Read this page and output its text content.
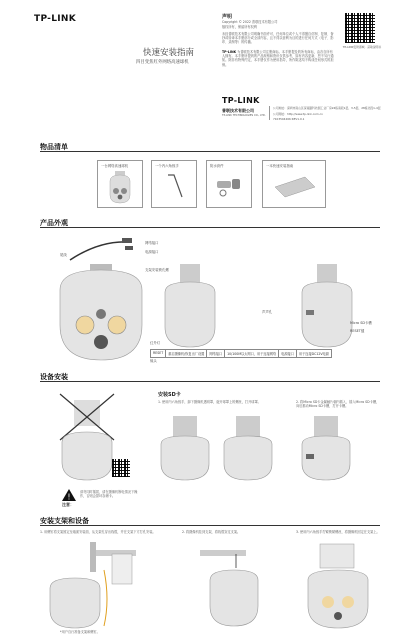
TP-LINK
快速安装指南
四目变焦红外网络高速球机
声明
Copyright © 2022 普联技术有限公司
版权所有，保留所有权利
未经普联技术有限公司明确书面许可，任何单位或个人不得擅自仿制、复制、誊抄或转译本手册部分或全部内容，且不得以营利为目的进行任何方式（电子、影印、录制等）的传播。
TP-LINK 为普联技术有限公司注册商标。本手册提及的所有商标，由各自所有人拥有。本手册所提到的产品规格和资讯仅供参考，如有内容更新，恕不另行通知。除非有特殊约定，本手册仅作为使用指导，所作陈述均不构成任何形式的担保。
TP-LINK安防商城 · 获取说明书
TP-LINK
普联技术有限公司
TP-LINK TECHNOLOGIES CO., LTD.
公司地址：深圳市南山区深南路科技园工业厂房24栋南段1层、3-5层、28栋北段1-4层
公司网址：http://www.tp-link.com.cn
7103504266 REV1.0.1
物品清单
一台网络高速球机	一个内六角扳手	防水套件	一本快速安装指南
产品外观
尾线
网络接口
电源接口
支架安装锁孔螺
红外灯
镜头
声声孔
Micro SD卡槽
RESET键
RESET	重启摄像机/恢复出厂设置	网络接口	10/100M以太网口，用于连接网络	电源接口	用于连接DC12V电源
设备安装
!
注意：
请勿同时插拔，请在摄像机断电情况下操作，否则会损坏存储卡。
安装SD卡
1. 使用内六角扳手，卸下摄像机透明罩，旋开球罩上的螺丝，打开球罩。	2. 将Micro SD卡金属触片朝内插入，插入Micro SD卡槽，向后推动Micro SD卡槽，打开卡槽。
安装支架和设备
1. 用螺钉将支架固定至墙面安装面，从支架孔穿出线缆，并在支架下方打孔安装。	2. 将摄像机挂到支架，将线缆穿过支架。	3. 使用内六角扳手拧紧锁紧螺丝，将摄像机固定在支架上。
*用户自行准备支架和螺钉。
